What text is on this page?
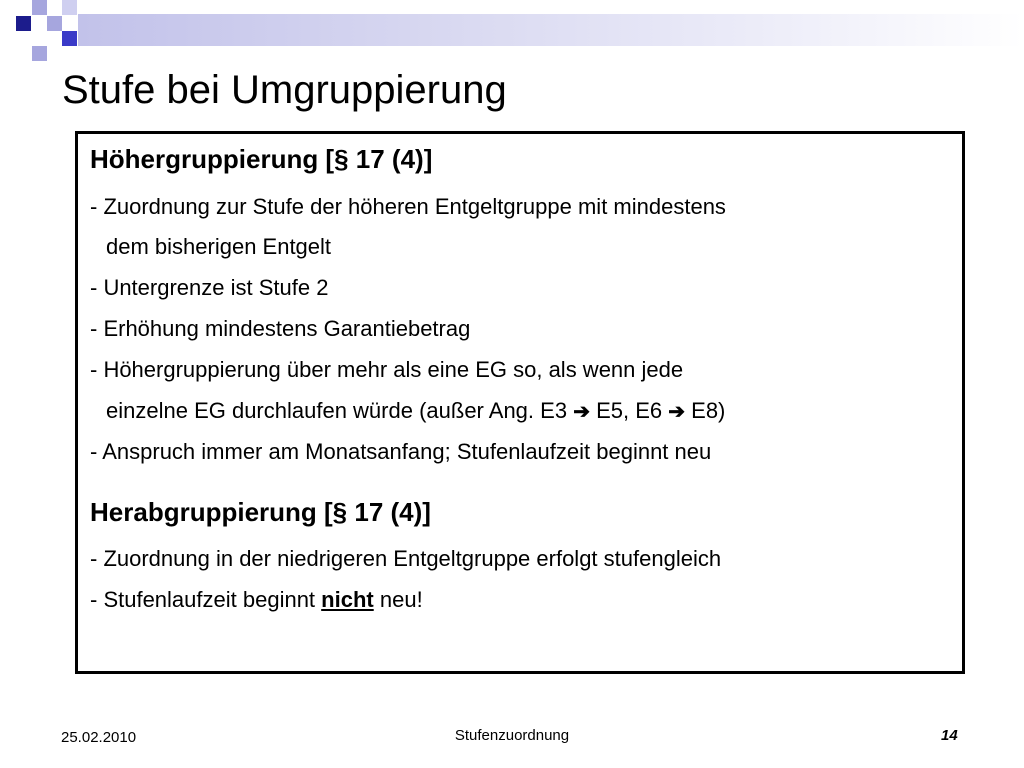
Stufe bei Umgruppierung
Höhergruppierung [§ 17 (4)]
- Zuordnung zur Stufe der höheren Entgeltgruppe mit mindestens
dem bisherigen Entgelt
- Untergrenze ist Stufe 2
- Erhöhung mindestens Garantiebetrag
- Höhergruppierung über mehr als eine EG so, als wenn jede
einzelne EG durchlaufen würde (außer Ang. E3 ➔ E5, E6 ➔ E8)
- Anspruch immer am Monatsanfang; Stufenlaufzeit beginnt neu
Herabgruppierung [§ 17 (4)]
- Zuordnung in der niedrigeren Entgeltgruppe erfolgt stufengleich
- Stufenlaufzeit beginnt nicht neu!
25.02.2010	Stufenzuordnung	14
